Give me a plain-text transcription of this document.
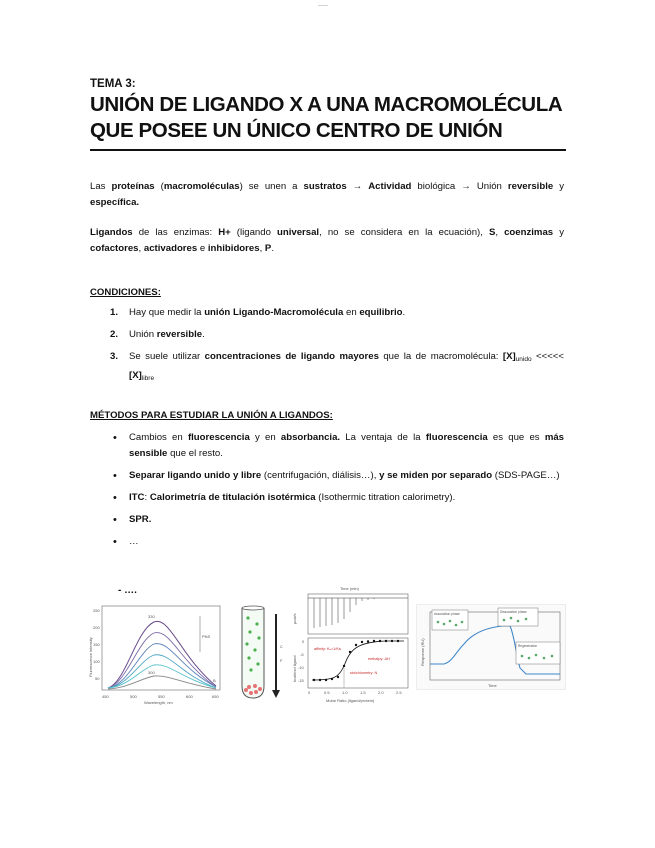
___
TEMA 3:
UNIÓN DE LIGANDO X A UNA MACROMOLÉCULA QUE POSEE UN ÚNICO CENTRO DE UNIÓN

Las proteínas (macromoléculas) se unen a sustratos → Actividad biológica → Unión reversible y específica.

Ligandos de las enzimas: H+ (ligando universal, no se considera en la ecuación), S, coenzimas y cofactores, activadores e inhibidores, P.

CONDICIONES:
1. Hay que medir la unión Ligando-Macromolécula en equilibrio.
2. Unión reversible.
3. Se suele utilizar concentraciones de ligando mayores que la de macromolécula: $[X]_{unido}$ <<<<< $[X]_{libre}$
MÉTODOS PARA ESTUDIAR LA UNIÓN A LIGANDOS:
• Cambios en fluorescencia y en absorbancia. La ventaja de la fluorescencia es que es más sensible que el resto.
• Separar ligando unido y libre (centrifugación, diálisis…), y se miden por separado (SDS-PAGE…)
• ITC: Calorimetría de titulación isotérmica (Isothermic titration calorimetry).
• SPR.
• …
- ….
Fluorescence intensity
250
200
150
100
50
330
300
PNS
B
450	500	550	600	650
Wavelength, nm
C
F
Time (min)
µcal/s
kcal/mol ligand
0
-5
-10
-15
affinity: Kₐ=1/Kᴅ
enthalpy: ΔH
stoichiometry: N
0	0.5	1.0	1.5	2.0	2.5
Molar Ratio (ligand/protein)
Response (RU)
Association phase	Dissociation phase
Regeneration
Time
